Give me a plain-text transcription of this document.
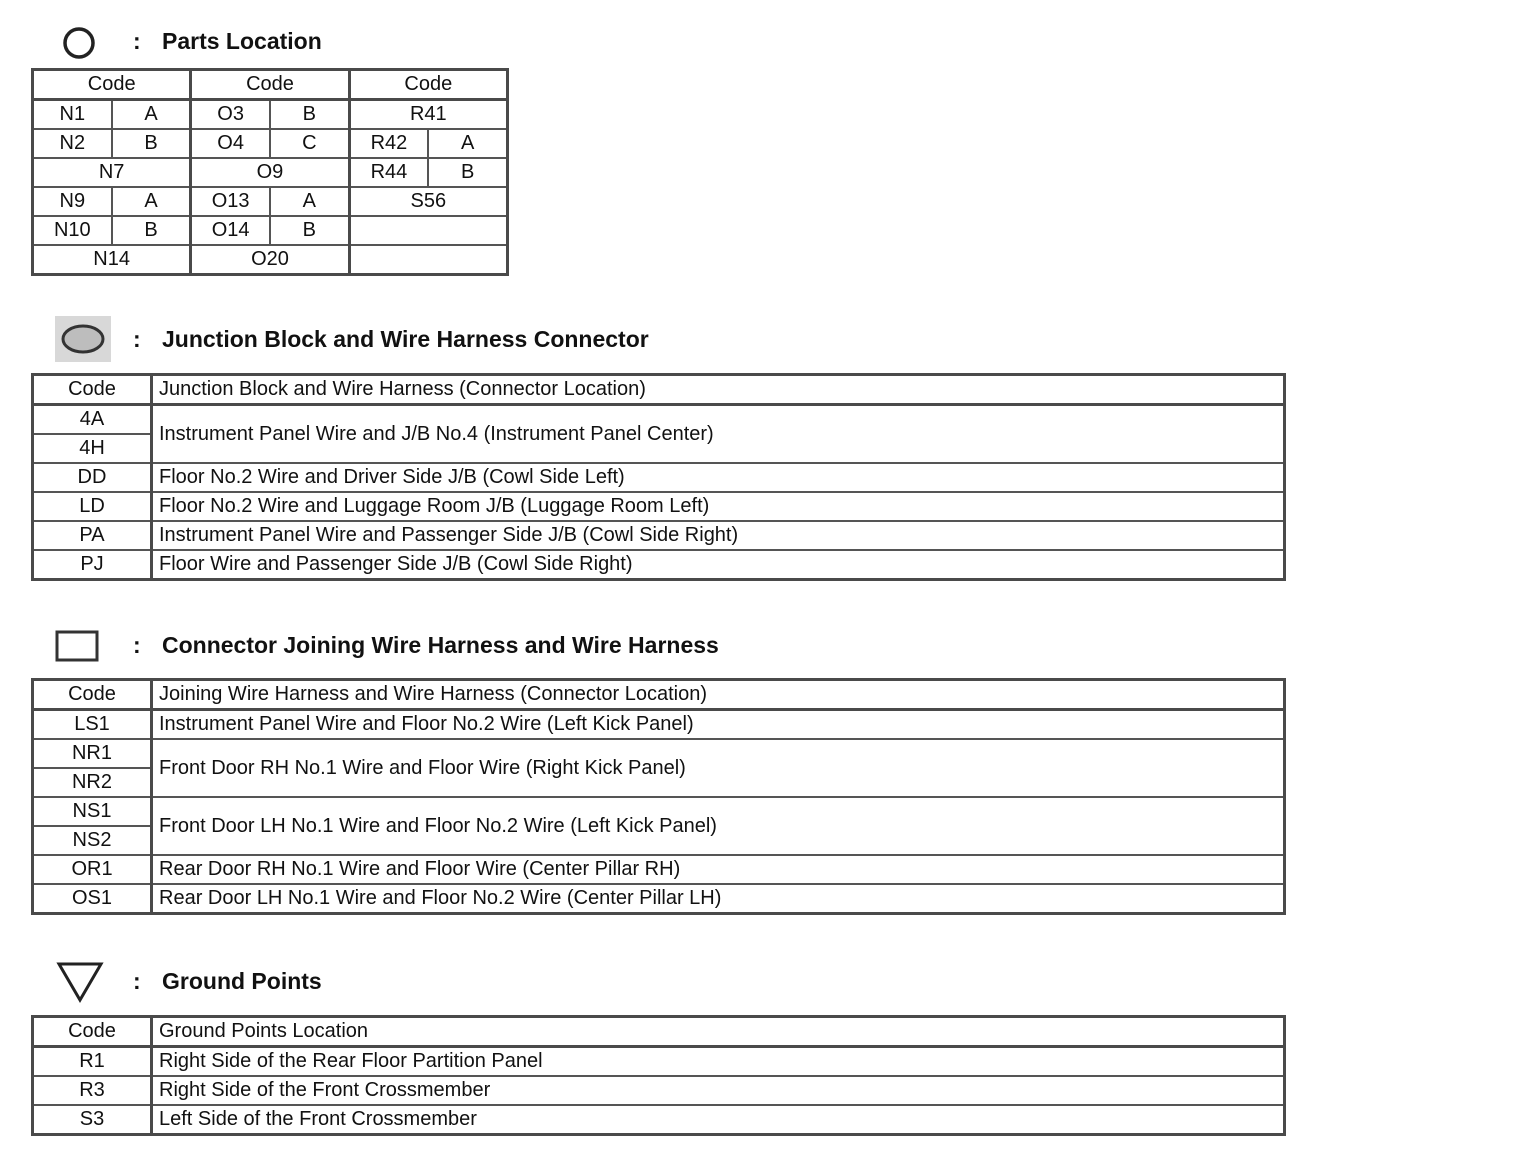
: Parts Location
Code		Code		Code	
N1	A	O3	B	R41	
N2	B	O4	C	R42	A
N7		O9		R44	B
N9	A	O13	A	S56	
N10	B	O14	B		
N14		O20			
: Junction Block and Wire Harness Connector
Code	Junction Block and Wire Harness (Connector Location)
4A	Instrument Panel Wire and J/B No.4 (Instrument Panel Center)
4H	
DD	Floor No.2 Wire and Driver Side J/B (Cowl Side Left)
LD	Floor No.2 Wire and Luggage Room J/B (Luggage Room Left)
PA	Instrument Panel Wire and Passenger Side J/B (Cowl Side Right)
PJ	Floor Wire and Passenger Side J/B (Cowl Side Right)
: Connector Joining Wire Harness and Wire Harness
Code	Joining Wire Harness and Wire Harness (Connector Location)
LS1	Instrument Panel Wire and Floor No.2 Wire (Left Kick Panel)
NR1	Front Door RH No.1 Wire and Floor Wire (Right Kick Panel)
NR2	
NS1	Front Door LH No.1 Wire and Floor No.2 Wire (Left Kick Panel)
NS2	
OR1	Rear Door RH No.1 Wire and Floor Wire (Center Pillar RH)
OS1	Rear Door LH No.1 Wire and Floor No.2 Wire (Center Pillar LH)
: Ground Points
Code	Ground Points Location
R1	Right Side of the Rear Floor Partition Panel
R3	Right Side of the Front Crossmember
S3	Left Side of the Front Crossmember
